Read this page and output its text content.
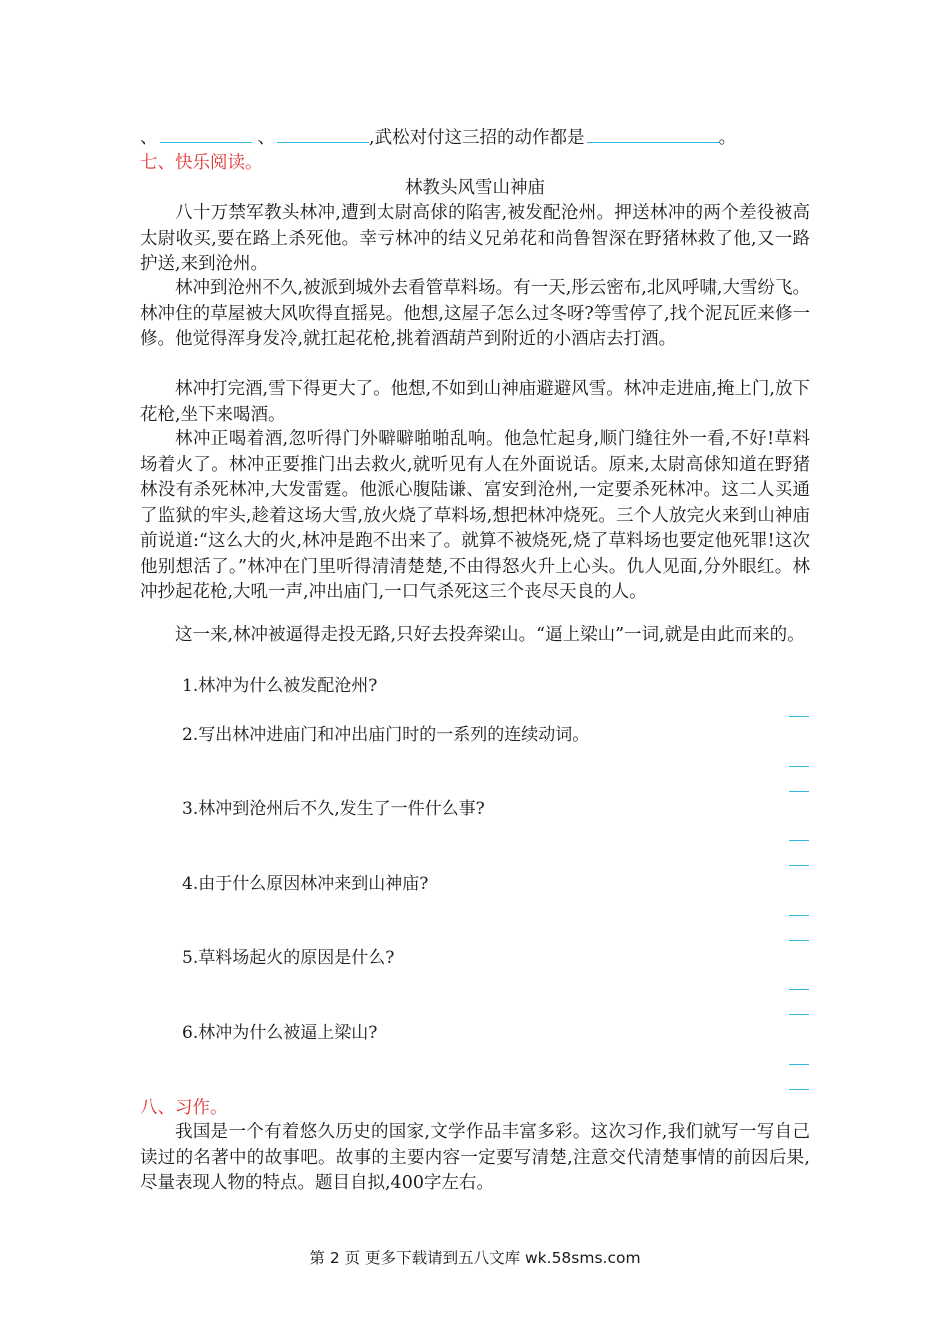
、	、	,武松对付这三招的动作都是	。
七、快乐阅读。
林教头风雪山神庙
八十万禁军教头林冲,遭到太尉高俅的陷害,被发配沧州。押送林冲的两个差役被高太尉收买,要在路上杀死他。幸亏林冲的结义兄弟花和尚鲁智深在野猪林救了他,又一路护送,来到沧州。
林冲到沧州不久,被派到城外去看管草料场。有一天,彤云密布,北风呼啸,大雪纷飞。林冲住的草屋被大风吹得直摇晃。他想,这屋子怎么过冬呀?等雪停了,找个泥瓦匠来修一修。他觉得浑身发冷,就扛起花枪,挑着酒葫芦到附近的小酒店去打酒。
林冲打完酒,雪下得更大了。他想,不如到山神庙避避风雪。林冲走进庙,掩上门,放下花枪,坐下来喝酒。
林冲正喝着酒,忽听得门外噼噼啪啪乱响。他急忙起身,顺门缝往外一看,不好!草料场着火了。林冲正要推门出去救火,就听见有人在外面说话。原来,太尉高俅知道在野猪林没有杀死林冲,大发雷霆。他派心腹陆谦、富安到沧州,一定要杀死林冲。这二人买通了监狱的牢头,趁着这场大雪,放火烧了草料场,想把林冲烧死。三个人放完火来到山神庙前说道:“这么大的火,林冲是跑不出来了。就算不被烧死,烧了草料场也要定他死罪!这次他别想活了。”林冲在门里听得清清楚楚,不由得怒火升上心头。仇人见面,分外眼红。林冲抄起花枪,大吼一声,冲出庙门,一口气杀死这三个丧尽天良的人。
这一来,林冲被逼得走投无路,只好去投奔梁山。“逼上梁山”一词,就是由此而来的。
1.林冲为什么被发配沧州?
2.写出林冲进庙门和冲出庙门时的一系列的连续动词。
3.林冲到沧州后不久,发生了一件什么事?
4.由于什么原因林冲来到山神庙?
5.草料场起火的原因是什么?
6.林冲为什么被逼上梁山?
八、习作。
我国是一个有着悠久历史的国家,文学作品丰富多彩。这次习作,我们就写一写自己读过的名著中的故事吧。故事的主要内容一定要写清楚,注意交代清楚事情的前因后果,尽量表现人物的特点。题目自拟,400字左右。
第 2 页 更多下载请到五八文库 wk.58sms.com
